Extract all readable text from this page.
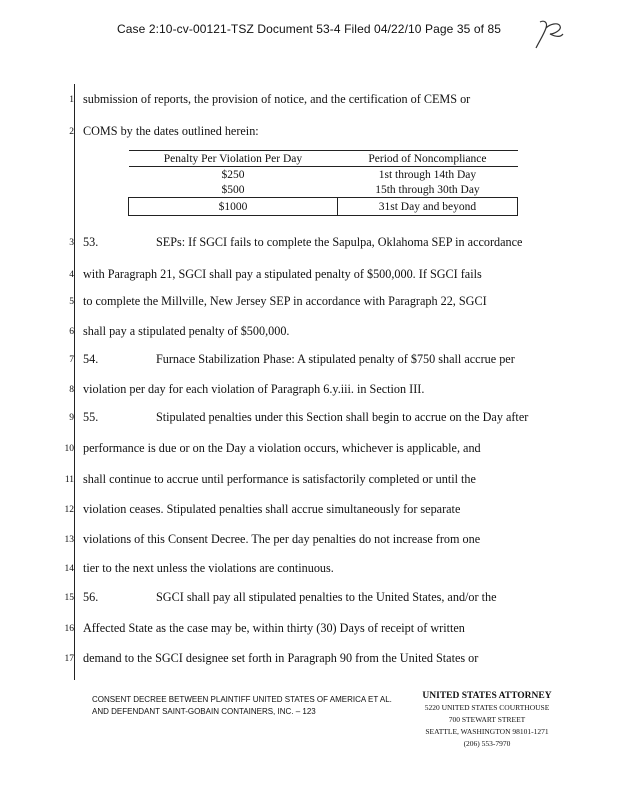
Case 2:10-cv-00121-TSZ Document 53-4 Filed 04/22/10 Page 35 of 85
1 submission of reports, the provision of notice, and the certification of CEMS or
2 COMS by the dates outlined herein:
3 53.	SEPs: If SGCI fails to complete the Sapulpa, Oklahoma SEP in accordance
4 with Paragraph 21, SGCI shall pay a stipulated penalty of $500,000. If SGCI fails
5 to complete the Millville, New Jersey SEP in accordance with Paragraph 22, SGCI
6 shall pay a stipulated penalty of $500,000.
7 54.	Furnace Stabilization Phase: A stipulated penalty of $750 shall accrue per
8 violation per day for each violation of Paragraph 6.y.iii. in Section III.
9 55.	Stipulated penalties under this Section shall begin to accrue on the Day after
10 performance is due or on the Day a violation occurs, whichever is applicable, and
11 shall continue to accrue until performance is satisfactorily completed or until the
12 violation ceases. Stipulated penalties shall accrue simultaneously for separate
13 violations of this Consent Decree. The per day penalties do not increase from one
14 tier to the next unless the violations are continuous.
15 56.	SGCI shall pay all stipulated penalties to the United States, and/or the
16 Affected State as the case may be, within thirty (30) Days of receipt of written
17 demand to the SGCI designee set forth in Paragraph 90 from the United States or
Penalty Per Violation Per Day	Period of Noncompliance
$250	1st through 14th Day
$500	15th through 30th Day
$1000	31st Day and beyond
CONSENT DECREE BETWEEN PLAINTIFF UNITED STATES OF AMERICA ET AL.
AND DEFENDANT SAINT-GOBAIN CONTAINERS, INC. – 123
UNITED STATES ATTORNEY
5220 UNITED STATES COURTHOUSE
700 STEWART STREET
SEATTLE, WASHINGTON 98101-1271
(206) 553-7970
